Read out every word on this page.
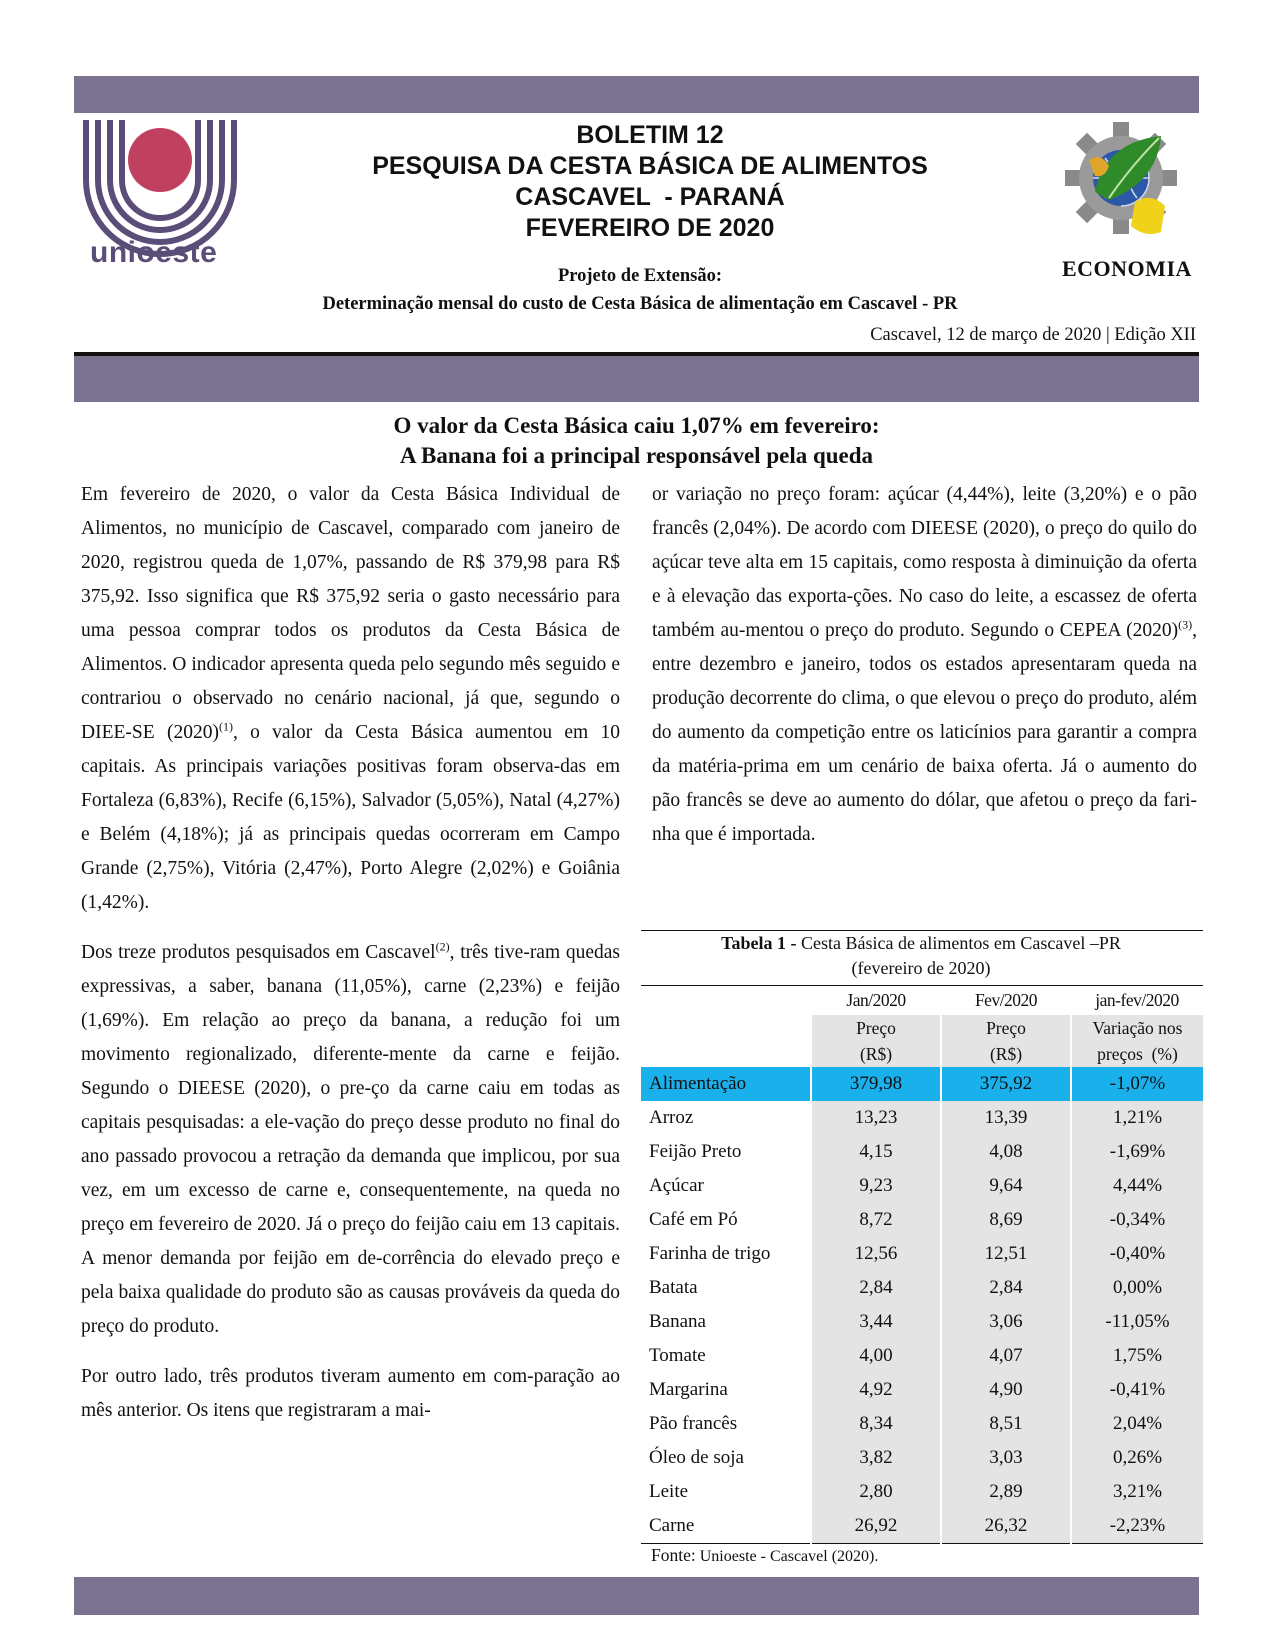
unioeste
BOLETIM 12
PESQUISA DA CESTA BÁSICA DE ALIMENTOS
CASCAVEL  - PARANÁ
FEVEREIRO DE 2020
ECONOMIA
Projeto de Extensão:
Determinação mensal do custo de Cesta Básica de alimentação em Cascavel - PR
Cascavel, 12 de março de 2020 | Edição XII
O valor da Cesta Básica caiu 1,07% em fevereiro:
A Banana foi a principal responsável pela queda

Em fevereiro de 2020, o valor da Cesta Básica Individual de Alimentos, no município de Cascavel, comparado com janeiro de 2020, registrou queda de 1,07%, passando de R$ 379,98 para R$ 375,92. Isso significa que R$ 375,92 seria o gasto necessário para uma pessoa comprar todos os produtos da Cesta Básica de Alimentos. O indicador apresenta queda pelo segundo mês seguido e contrariou o observado no cenário nacional, já que, segundo o DIEE-SE $(2020)^{(1)}$, o valor da Cesta Básica aumentou em 10 capitais. As principais variações positivas foram observa-das em Fortaleza (6,83%), Recife (6,15%), Salvador (5,05%), Natal (4,27%) e Belém (4,18%); já as principais quedas ocorreram em Campo Grande (2,75%), Vitória (2,47%), Porto Alegre (2,02%) e Goiânia (1,42%).

Dos treze produtos pesquisados em Cascavel$^{(2)}$, três tive-ram quedas expressivas, a saber, banana (11,05%), carne (2,23%) e feijão (1,69%). Em relação ao preço da banana, a redução foi um movimento regionalizado, diferente-mente da carne e feijão. Segundo o DIEESE (2020), o pre-ço da carne caiu em todas as capitais pesquisadas: a ele-vação do preço desse produto no final do ano passado provocou a retração da demanda que implicou, por sua vez, em um excesso de carne e, consequentemente, na queda no preço em fevereiro de 2020. Já o preço do feijão caiu em 13 capitais. A menor demanda por feijão em de-corrência do elevado preço e pela baixa qualidade do produto são as causas prováveis da queda do preço do produto.

Por outro lado, três produtos tiveram aumento em com-paração ao mês anterior. Os itens que registraram a mai-

or variação no preço foram: açúcar (4,44%), leite (3,20%) e o pão francês (2,04%). De acordo com DIEESE (2020), o preço do quilo do açúcar teve alta em 15 capitais, como resposta à diminuição da oferta e à elevação das exporta-ções. No caso do leite, a escassez de oferta também au-mentou o preço do produto. Segundo o CEPEA $(2020)^{(3)}$, entre dezembro e janeiro, todos os estados apresentaram queda na produção decorrente do clima, o que elevou o preço do produto, além do aumento da competição entre os laticínios para garantir a compra da matéria-prima em um cenário de baixa oferta. Já o aumento do pão francês se deve ao aumento do dólar, que afetou o preço da fari-nha que é importada.

Tabela 1 - Cesta Básica de alimentos em Cascavel –PR
(fevereiro de 2020)
	Jan/2020	Fev/2020	jan-fev/2020
	Preço	Preço	Variação nos
	(R$)	(R$)	preços  (%)
Alimentação	379,98	375,92	-1,07%
Arroz	13,23	13,39	1,21%
Feijão Preto	4,15	4,08	-1,69%
Açúcar	9,23	9,64	4,44%
Café em Pó	8,72	8,69	-0,34%
Farinha de trigo	12,56	12,51	-0,40%
Batata	2,84	2,84	0,00%
Banana	3,44	3,06	-11,05%
Tomate	4,00	4,07	1,75%
Margarina	4,92	4,90	-0,41%
Pão francês	8,34	8,51	2,04%
Óleo de soja	3,82	3,03	0,26%
Leite	2,80	2,89	3,21%
Carne	26,92	26,32	-2,23%
Fonte: Unioeste - Cascavel (2020).
